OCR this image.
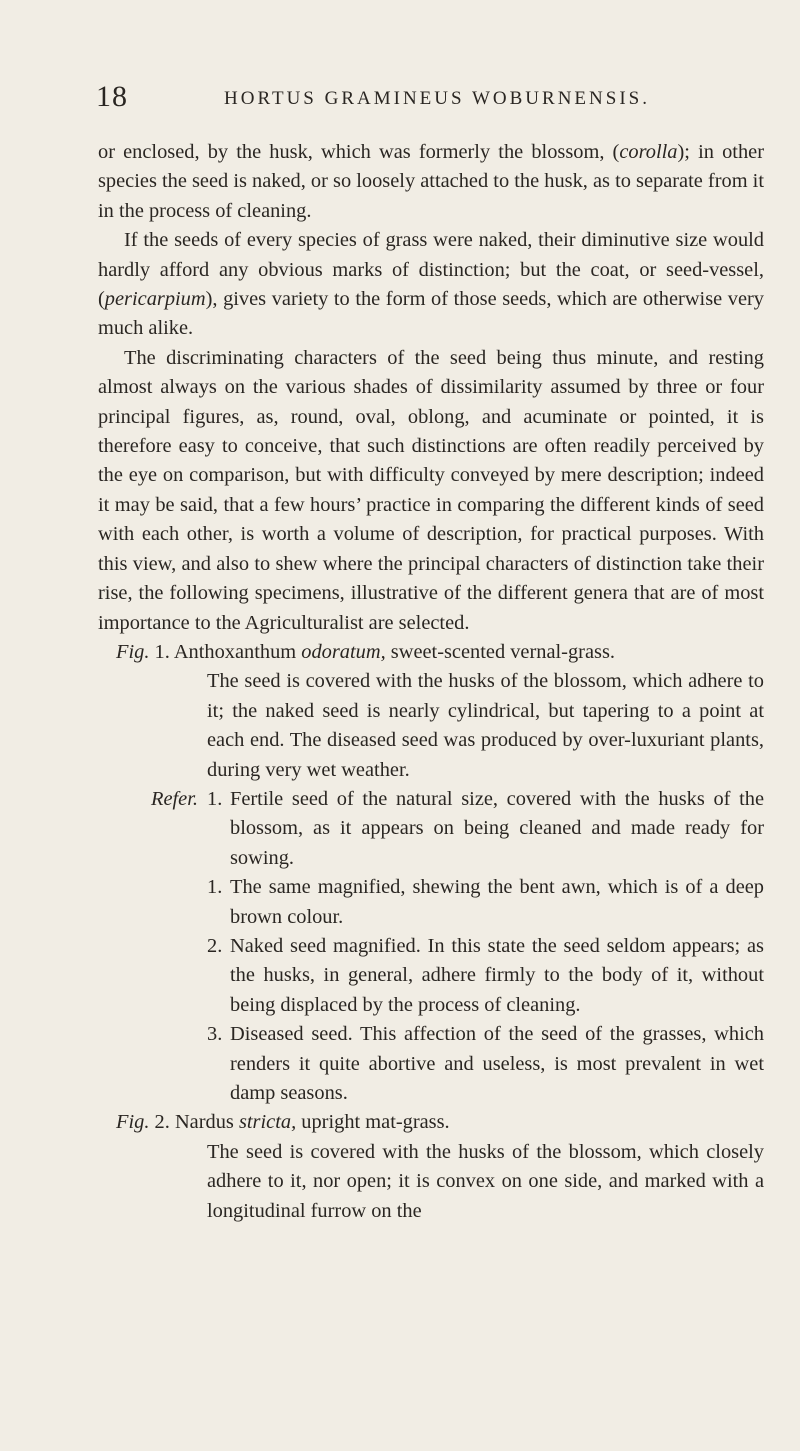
18	HORTUS GRAMINEUS WOBURNENSIS.

or enclosed, by the husk, which was formerly the blossom, (corolla); in other species the seed is naked, or so loosely attached to the husk, as to separate from it in the process of cleaning.

If the seeds of every species of grass were naked, their diminutive size would hardly afford any obvious marks of distinction; but the coat, or seed-vessel, (pericarpium), gives variety to the form of those seeds, which are otherwise very much alike.

The discriminating characters of the seed being thus minute, and resting almost always on the various shades of dissimilarity assumed by three or four principal figures, as, round, oval, oblong, and acuminate or pointed, it is therefore easy to conceive, that such distinctions are often readily perceived by the eye on comparison, but with difficulty conveyed by mere description; indeed it may be said, that a few hours’ practice in comparing the different kinds of seed with each other, is worth a volume of description, for practical purposes. With this view, and also to shew where the principal characters of distinction take their rise, the following specimens, illustrative of the different genera that are of most importance to the Agriculturalist are selected.

Fig. 1. Anthoxanthum odoratum, sweet-scented vernal-grass.

The seed is covered with the husks of the blossom, which adhere to it; the naked seed is nearly cylindrical, but tapering to a point at each end. The diseased seed was produced by over-luxuriant plants, during very wet weather.

Refer. 1. Fertile seed of the natural size, covered with the husks of the blossom, as it appears on being cleaned and made ready for sowing.
1. The same magnified, shewing the bent awn, which is of a deep brown colour.
2. Naked seed magnified. In this state the seed seldom appears; as the husks, in general, adhere firmly to the body of it, without being displaced by the process of cleaning.
3. Diseased seed. This affection of the seed of the grasses, which renders it quite abortive and useless, is most prevalent in wet damp seasons.

Fig. 2. Nardus stricta, upright mat-grass.

The seed is covered with the husks of the blossom, which closely adhere to it, nor open; it is convex on one side, and marked with a longitudinal furrow on the
